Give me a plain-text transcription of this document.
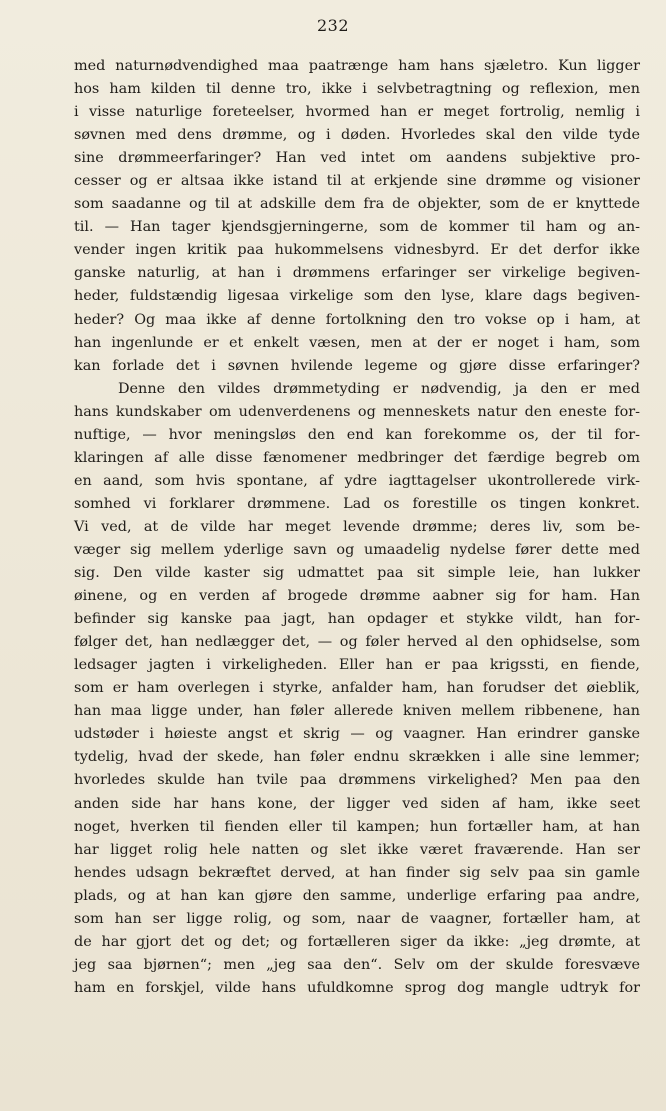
232
med naturnødvendighed maa paatrænge ham hans sjæletro. Kun ligger
hos ham kilden til denne tro, ikke i selvbetragtning og reflexion, men
i visse naturlige foreteelser, hvormed han er meget fortrolig, nemlig i
søvnen med dens drømme, og i døden. Hvorledes skal den vilde tyde
sine drømmeerfaringer? Han ved intet om aandens subjektive pro-
cesser og er altsaa ikke istand til at erkjende sine drømme og visioner
som saadanne og til at adskille dem fra de objekter, som de er knyttede
til. — Han tager kjendsgjerningerne, som de kommer til ham og an-
vender ingen kritik paa hukommelsens vidnesbyrd. Er det derfor ikke
ganske naturlig, at han i drømmens erfaringer ser virkelige begiven-
heder, fuldstændig ligesaa virkelige som den lyse, klare dags begiven-
heder? Og maa ikke af denne fortolkning den tro vokse op i ham, at
han ingenlunde er et enkelt væsen, men at der er noget i ham, som
kan forlade det i søvnen hvilende legeme og gjøre disse erfaringer?
Denne den vildes drømmetyding er nødvendig, ja den er med
hans kundskaber om udenverdenens og menneskets natur den eneste for-
nuftige, — hvor meningsløs den end kan forekomme os, der til for-
klaringen af alle disse fænomener medbringer det færdige begreb om
en aand, som hvis spontane, af ydre iagttagelser ukontrollerede virk-
somhed vi forklarer drømmene. Lad os forestille os tingen konkret.
Vi ved, at de vilde har meget levende drømme; deres liv, som be-
væger sig mellem yderlige savn og umaadelig nydelse fører dette med
sig. Den vilde kaster sig udmattet paa sit simple leie, han lukker
øinene, og en verden af brogede drømme aabner sig for ham. Han
befinder sig kanske paa jagt, han opdager et stykke vildt, han for-
følger det, han nedlægger det, — og føler herved al den ophidselse, som
ledsager jagten i virkeligheden. Eller han er paa krigssti, en fiende,
som er ham overlegen i styrke, anfalder ham, han forudser det øieblik,
han maa ligge under, han føler allerede kniven mellem ribbenene, han
udstøder i høieste angst et skrig — og vaagner. Han erindrer ganske
tydelig, hvad der skede, han føler endnu skrækken i alle sine lemmer;
hvorledes skulde han tvile paa drømmens virkelighed? Men paa den
anden side har hans kone, der ligger ved siden af ham, ikke seet
noget, hverken til fienden eller til kampen; hun fortæller ham, at han
har ligget rolig hele natten og slet ikke været fraværende. Han ser
hendes udsagn bekræftet derved, at han finder sig selv paa sin gamle
plads, og at han kan gjøre den samme, underlige erfaring paa andre,
som han ser ligge rolig, og som, naar de vaagner, fortæller ham, at
de har gjort det og det; og fortælleren siger da ikke: „jeg drømte, at
jeg saa bjørnen“; men „jeg saa den“. Selv om der skulde foresvæve
ham en forskjel, vilde hans ufuldkomne sprog dog mangle udtryk for
